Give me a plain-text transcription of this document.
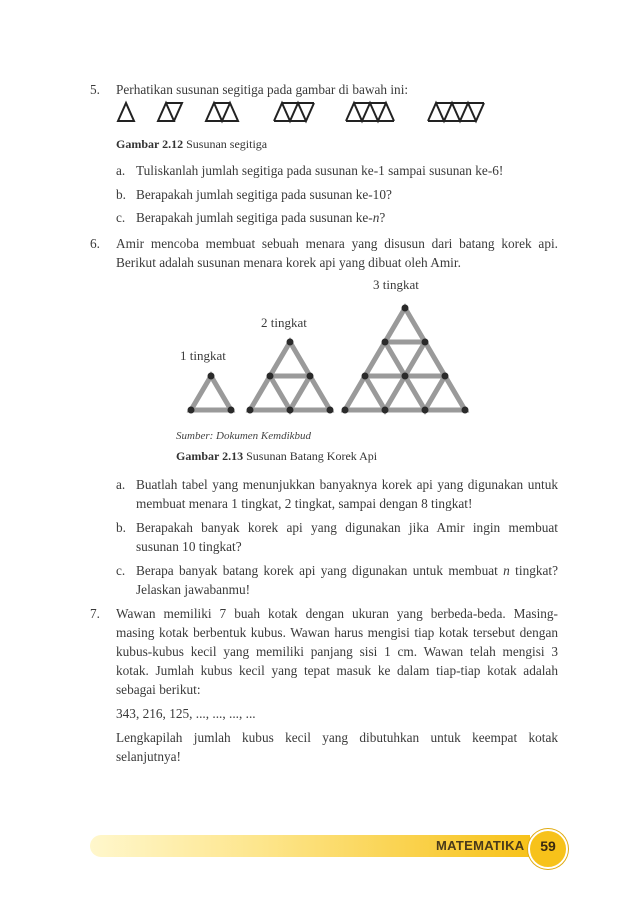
5. Perhatikan susunan segitiga pada gambar di bawah ini:
Gambar 2.12 Susunan segitiga
a. Tuliskanlah jumlah segitiga pada susunan ke-1 sampai susunan ke-6!
b. Berapakah jumlah segitiga pada susunan ke-10?
c. Berapakah jumlah segitiga pada susunan ke-n?
6. Amir mencoba membuat sebuah menara yang disusun dari batang korek api.
Berikut adalah susunan menara korek api yang dibuat oleh Amir.
3 tingkat
2 tingkat
1 tingkat
Sumber: Dokumen Kemdikbud
Gambar 2.13 Susunan Batang Korek Api
a. Buatlah tabel yang menunjukkan banyaknya korek api yang digunakan untuk
membuat menara 1 tingkat, 2 tingkat, sampai dengan 8 tingkat!
b. Berapakah banyak korek api yang digunakan jika Amir ingin membuat
susunan 10 tingkat?
c. Berapa banyak batang korek api yang digunakan untuk membuat n tingkat?
Jelaskan jawabanmu!
7. Wawan memiliki 7 buah kotak dengan ukuran yang berbeda-beda. Masing-
masing kotak berbentuk kubus. Wawan harus mengisi tiap kotak tersebut dengan
kubus-kubus kecil yang memiliki panjang sisi 1 cm. Wawan telah mengisi 3
kotak. Jumlah kubus kecil yang tepat masuk ke dalam tiap-tiap kotak adalah
sebagai berikut:
343, 216, 125, ..., ..., ..., ...
Lengkapilah jumlah kubus kecil yang dibutuhkan untuk keempat kotak
selanjutnya!
MATEMATIKA	59
